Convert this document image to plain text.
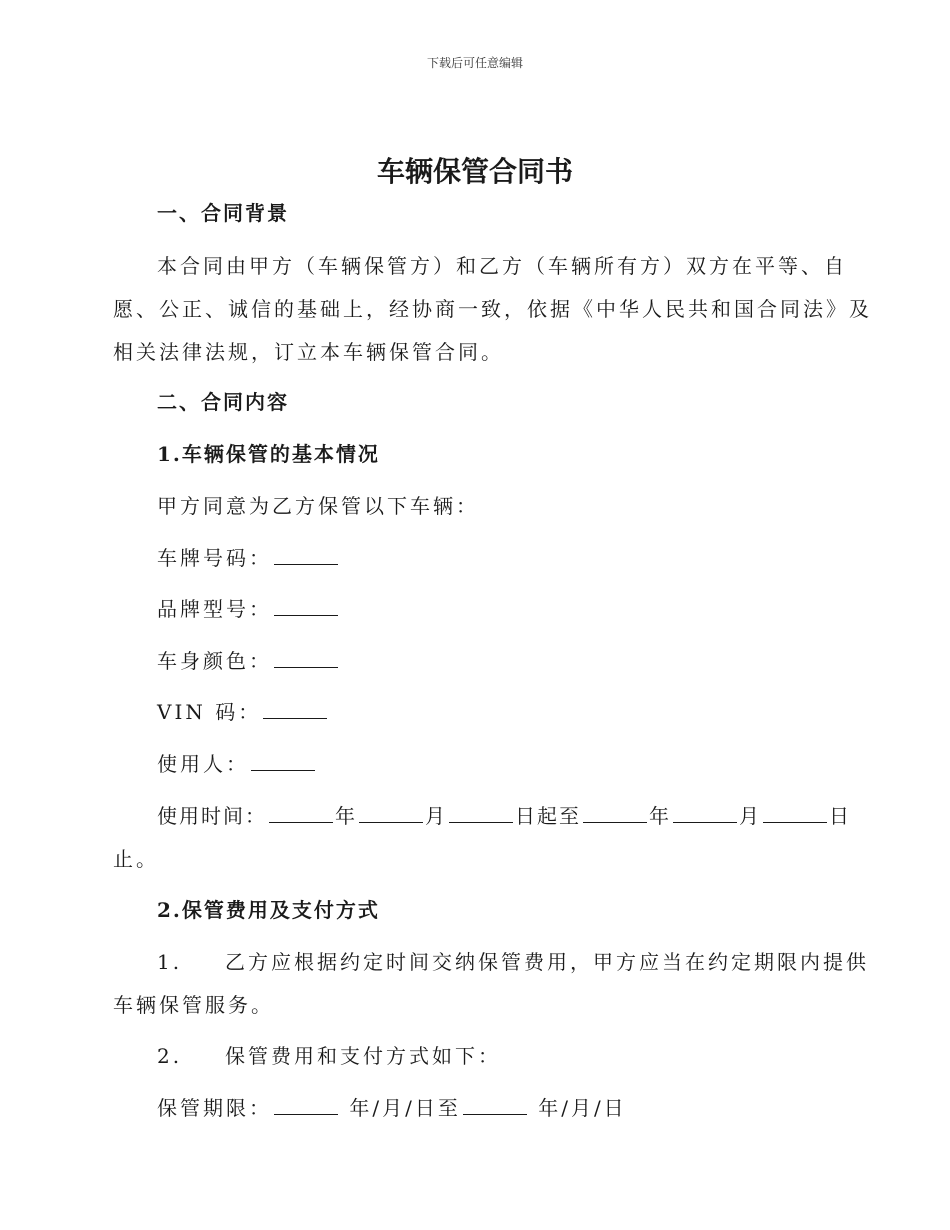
下载后可任意编辑
车辆保管合同书
一、合同背景
本合同由甲方（车辆保管方）和乙方（车辆所有方）双方在平等、自
愿、公正、诚信的基础上，经协商一致，依据《中华人民共和国合同法》及
相关法律法规，订立本车辆保管合同。
二、合同内容
1.车辆保管的基本情况
甲方同意为乙方保管以下车辆：
车牌号码：
品牌型号：
车身颜色：
VIN 码：
使用人：
使用时间：	年	月	日起至	年	月	日
止。
2.保管费用及支付方式
1. 乙方应根据约定时间交纳保管费用，甲方应当在约定期限内提供
车辆保管服务。
2. 保管费用和支付方式如下：
保管期限：	年/月/日至	年/月/日
